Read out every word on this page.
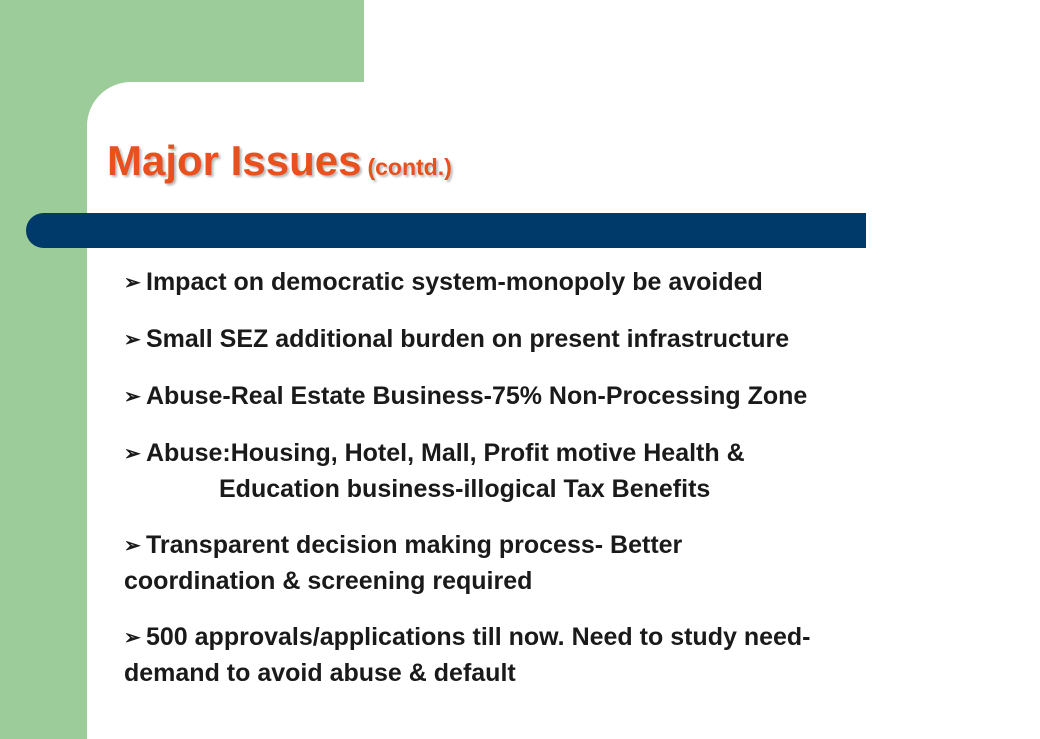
Major Issues (contd.)
➢ Impact on democratic system-monopoly be avoided
➢ Small SEZ additional burden on present infrastructure
➢ Abuse-Real Estate Business-75% Non-Processing Zone
➢ Abuse:Housing, Hotel, Mall, Profit motive Health &
Education business-illogical Tax Benefits
➢ Transparent decision making process- Better
coordination & screening required
➢ 500 approvals/applications till now. Need to study need-
demand to avoid abuse & default
